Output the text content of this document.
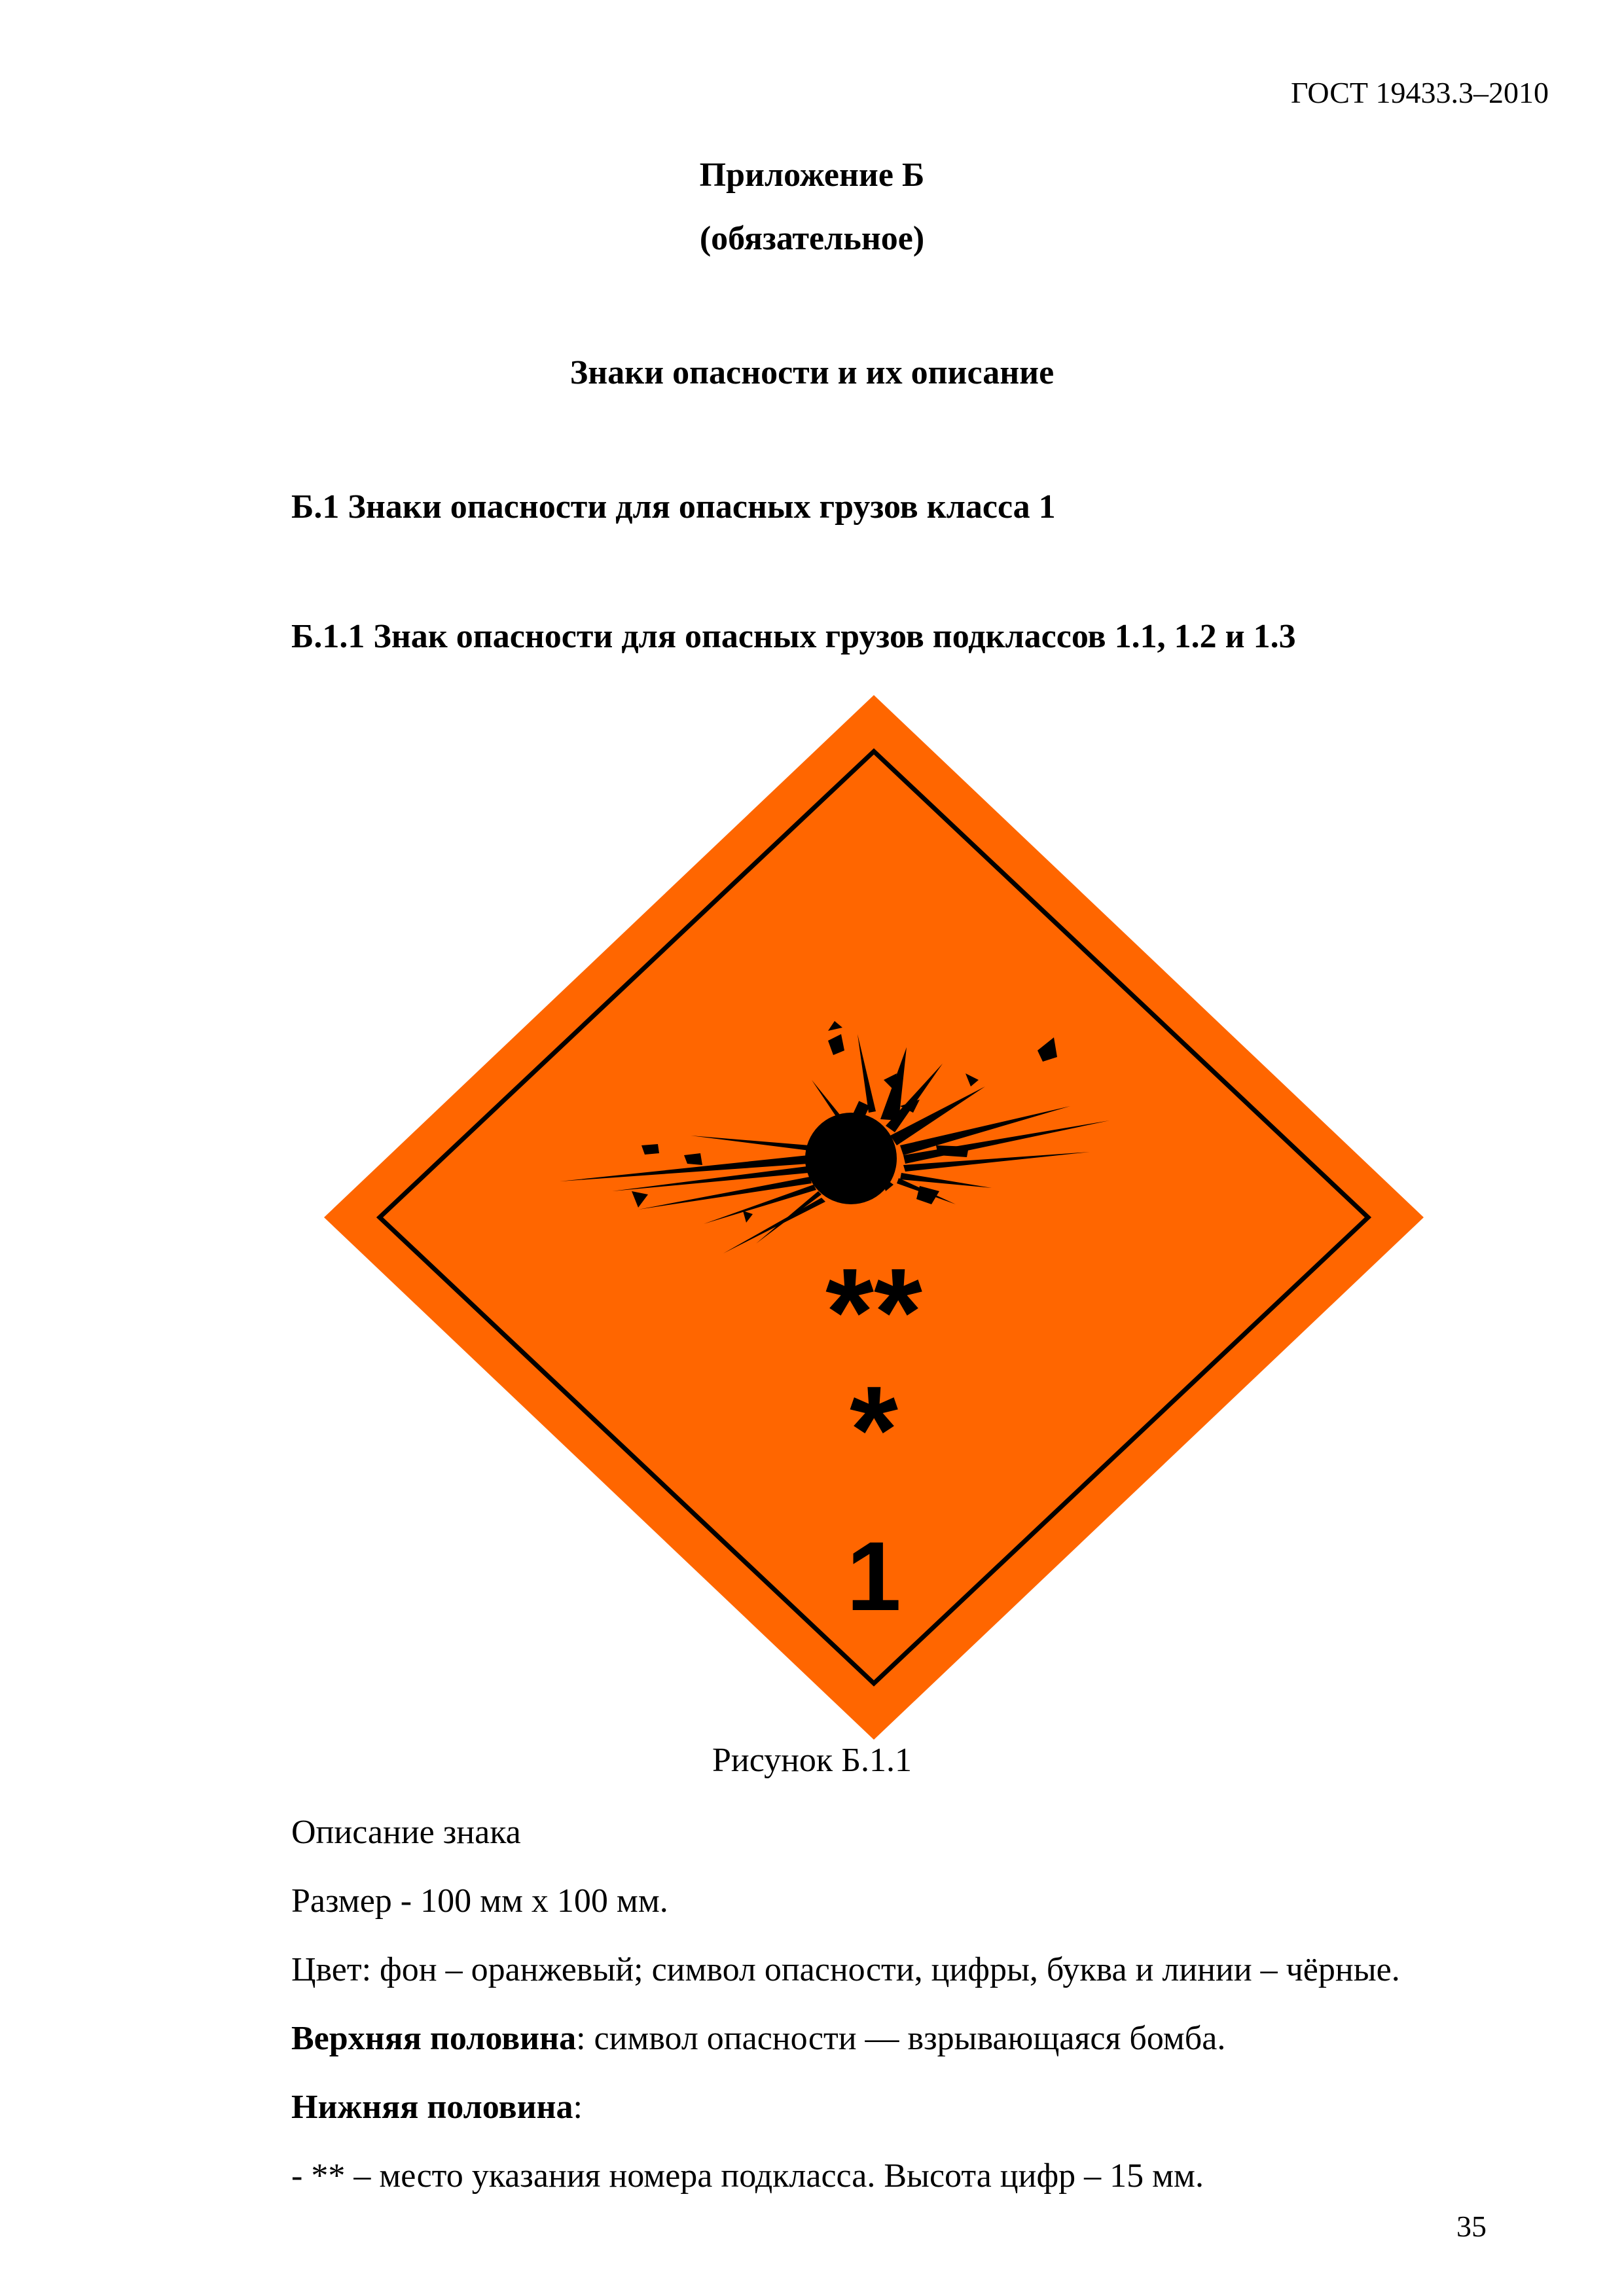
ГОСТ 19433.3–2010
Приложение Б
(обязательное)
Знаки опасности и их описание
Б.1 Знаки опасности для опасных грузов класса 1
Б.1.1 Знак опасности для опасных грузов подклассов 1.1, 1.2 и 1.3
**
*
1
Рисунок Б.1.1
Описание знака
Размер - 100 мм х 100 мм.
Цвет: фон – оранжевый; символ опасности, цифры, буква и линии – чёрные.
Верхняя половина: символ опасности — взрывающаяся бомба.
Нижняя половина:
- ** – место указания номера подкласса. Высота цифр – 15 мм.
35
